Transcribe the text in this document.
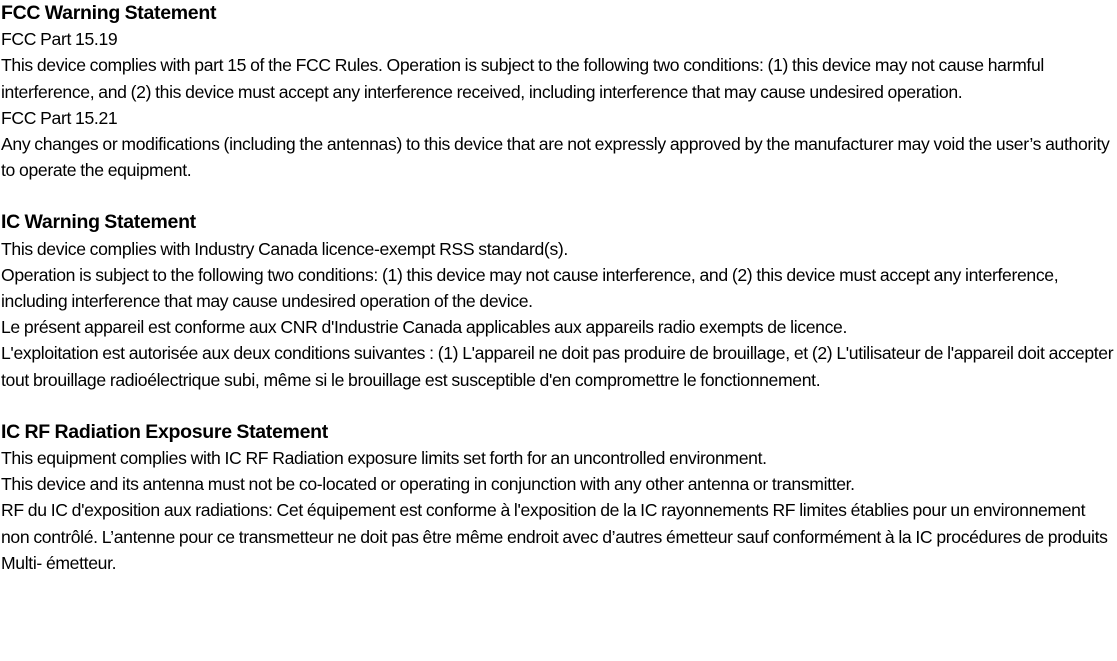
FCC Warning Statement
FCC Part 15.19
This device complies with part 15 of the FCC Rules. Operation is subject to the following two conditions: (1) this device may not cause harmful interference, and (2) this device must accept any interference received, including interference that may cause undesired operation.
FCC Part 15.21
Any changes or modifications (including the antennas) to this device that are not expressly approved by the manufacturer may void the user’s authority to operate the equipment.
IC Warning Statement
This device complies with Industry Canada licence-exempt RSS standard(s).
Operation is subject to the following two conditions: (1) this device may not cause interference, and (2) this device must accept any interference, including interference that may cause undesired operation of the device.
Le présent appareil est conforme aux CNR d'Industrie Canada applicables aux appareils radio exempts de licence.
L'exploitation est autorisée aux deux conditions suivantes : (1) L'appareil ne doit pas produire de brouillage, et (2) L'utilisateur de l'appareil doit accepter tout brouillage radioélectrique subi, même si le brouillage est susceptible d'en compromettre le fonctionnement.
IC RF Radiation Exposure Statement
This equipment complies with IC RF Radiation exposure limits set forth for an uncontrolled environment.
This device and its antenna must not be co-located or operating in conjunction with any other antenna or transmitter.
RF du IC d'exposition aux radiations: Cet équipement est conforme à l'exposition de la IC rayonnements RF limites établies pour un environnement non contrôlé. L’antenne pour ce transmetteur ne doit pas être même endroit avec d’autres émetteur sauf conformément à la IC procédures de produits Multi- émetteur.
